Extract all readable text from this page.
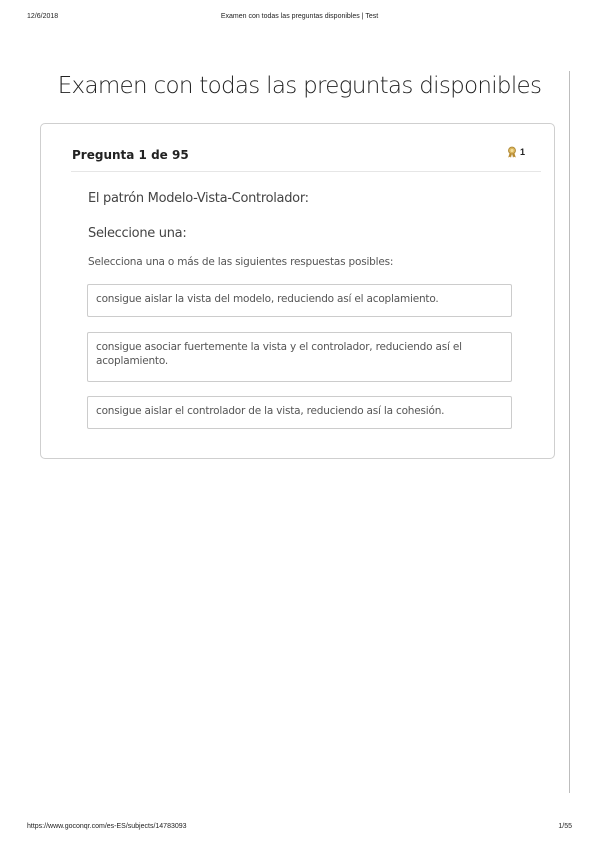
12/6/2018	Examen con todas las preguntas disponibles | Test
Examen con todas las preguntas disponibles
Pregunta 1 de 95	1
El patrón Modelo-Vista-Controlador:
Seleccione una:
Selecciona una o más de las siguientes respuestas posibles:
consigue aislar la vista del modelo, reduciendo así el acoplamiento.
consigue asociar fuertemente la vista y el controlador, reduciendo así el acoplamiento.
consigue aislar el controlador de la vista, reduciendo así la cohesión.
https://www.goconqr.com/es-ES/subjects/14783093	1/55
